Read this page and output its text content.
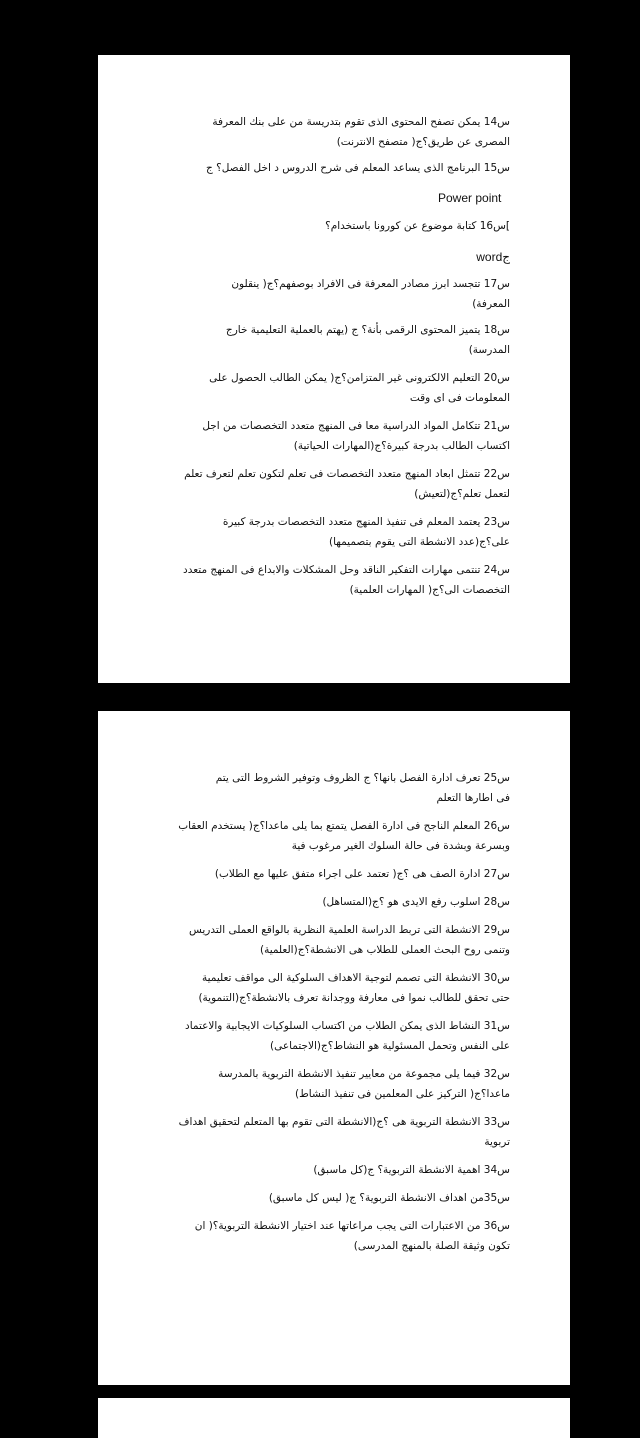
س14 يمكن تصفح المحتوى الذى تقوم بتدريسة من على بنك المعرفة
المصرى عن طريق؟ج( متصفح الانترنت)
س15 البرنامج الذى يساعد المعلم فى شرح الدروس د اخل الفصل؟ ج
Power point
]س16 كتابة موضوع عن كورونا باستخدام؟
ج‌word
س17 تتجسد ابرز مصادر المعرفة فى الافراد بوصفهم؟ج( ينقلون
المعرفة)
س18 يتميز المحتوى الرقمى بأنة؟ ج (يهتم بالعملية التعليمية خارج
المدرسة)
س20 التعليم الالكترونى غير المتزامن؟ج( يمكن الطالب الحصول على
المعلومات فى اى وقت
س21 تتكامل المواد الدراسية معا فى المنهج متعدد التخصصات من اجل
اكتساب الطالب بدرجة كبيرة؟ج(المهارات الحياتية)
س22 تتمثل ابعاد المنهج متعدد التخصصات فى تعلم لتكون تعلم لتعرف تعلم
لتعمل تعلم؟ج(لتعيش)
س23 يعتمد المعلم فى تنفيذ المنهج متعدد التخصصات بدرجة كبيرة
على؟ج(عدد الانشطة التى يقوم بتصميمها)
س24 تنتمى مهارات التفكير الناقد وحل المشكلات والابداع فى المنهج متعدد
التخصصات الى؟ج( المهارات العلمية)
س25 تعرف ادارة الفصل بانها؟ ج الظروف وتوفير الشروط التى يتم
فى اطارها التعلم
س26 المعلم الناجح فى ادارة الفصل يتمتع بما يلى ماعدا؟ج( يستخدم العقاب
وبسرعة وبشدة فى حالة السلوك الغير مرغوب فية
س27 ادارة الصف هى ؟ج( تعتمد على اجراء متفق عليها مع الطلاب)
س28 اسلوب رفع الايدى هو ؟ج(المتساهل)
س29 الانشطة التى تربط الدراسة العلمية النظرية بالواقع العملى التدريس
وتنمى روح البحث العملى للطلاب هى الانشطة؟ج(العلمية)
س30 الانشطة التى تصمم لتوجية الاهداف السلوكية الى مواقف تعليمية
حتى تحقق للطالب نموا فى معارفة ووجدانة تعرف بالانشطة؟ج(التنموية)
س31 النشاط الذى يمكن الطلاب من اكتساب السلوكيات الايجابية والاعتماد
على النفس وتحمل المسئولية هو النشاط؟ج(الاجتماعى)
س32 فيما يلى مجموعة من معايير تنفيذ الانشطة التربوية بالمدرسة
ماعدا؟ج( التركيز على المعلمين فى تنفيذ النشاط)
س33 الانشطة التربوية هى ؟ج(الانشطة التى تقوم بها المتعلم لتحقيق اهداف
تربوية
س34 اهمية الانشطة التربوية؟ ج(كل ماسبق)
س35من اهداف الانشطة التربوية؟ ج( ليس كل ماسبق)
س36 من الاعتبارات التى يجب مراعاتها عند اختيار الانشطة التربوية؟( ان
تكون وثيقة الصلة بالمنهج المدرسى)
